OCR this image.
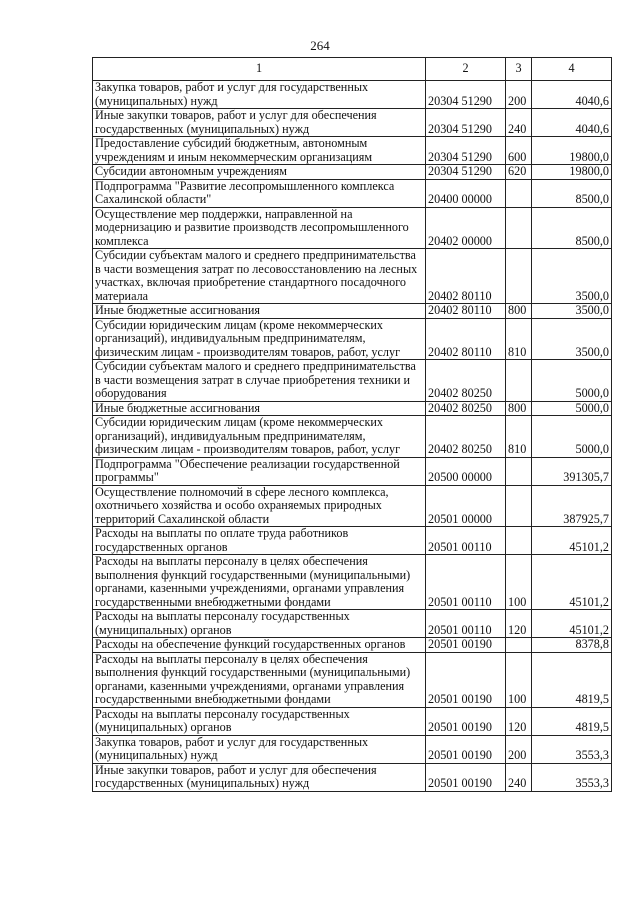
264
1	2	3	4
Закупка товаров, работ и услуг для государственных (муниципальных) нужд	20304 51290	200	4040,6
Иные закупки товаров, работ и услуг для обеспечения государственных (муниципальных) нужд	20304 51290	240	4040,6
Предоставление субсидий бюджетным, автономным учреждениям и иным некоммерческим организациям	20304 51290	600	19800,0
Субсидии автономным учреждениям	20304 51290	620	19800,0
Подпрограмма "Развитие лесопромышленного комплекса Сахалинской области"	20400 00000		8500,0
Осуществление мер поддержки, направленной на модернизацию и развитие производств лесопромышленного комплекса	20402 00000		8500,0
Субсидии субъектам малого и среднего предпринимательства в части возмещения затрат по лесовосстановлению на лесных участках, включая приобретение стандартного посадочного материала	20402 80110		3500,0
Иные бюджетные ассигнования	20402 80110	800	3500,0
Субсидии юридическим лицам (кроме некоммерческих организаций), индивидуальным предпринимателям, физическим лицам - производителям товаров, работ, услуг	20402 80110	810	3500,0
Субсидии субъектам малого и среднего предпринимательства в части возмещения затрат в случае приобретения техники и оборудования	20402 80250		5000,0
Иные бюджетные ассигнования	20402 80250	800	5000,0
Субсидии юридическим лицам (кроме некоммерческих организаций), индивидуальным предпринимателям, физическим лицам - производителям товаров, работ, услуг	20402 80250	810	5000,0
Подпрограмма "Обеспечение реализации государственной программы"	20500 00000		391305,7
Осуществление полномочий в сфере лесного комплекса, охотничьего хозяйства и особо охраняемых природных территорий Сахалинской области	20501 00000		387925,7
Расходы на выплаты по оплате труда работников государственных органов	20501 00110		45101,2
Расходы на выплаты персоналу в целях обеспечения выполнения функций государственными (муниципальными) органами, казенными учреждениями, органами управления государственными внебюджетными фондами	20501 00110	100	45101,2
Расходы на выплаты персоналу государственных (муниципальных) органов	20501 00110	120	45101,2
Расходы на обеспечение функций государственных органов	20501 00190		8378,8
Расходы на выплаты персоналу в целях обеспечения выполнения функций государственными (муниципальными) органами, казенными учреждениями, органами управления государственными внебюджетными фондами	20501 00190	100	4819,5
Расходы на выплаты персоналу государственных (муниципальных) органов	20501 00190	120	4819,5
Закупка товаров, работ и услуг для государственных (муниципальных) нужд	20501 00190	200	3553,3
Иные закупки товаров, работ и услуг для обеспечения государственных (муниципальных) нужд	20501 00190	240	3553,3
